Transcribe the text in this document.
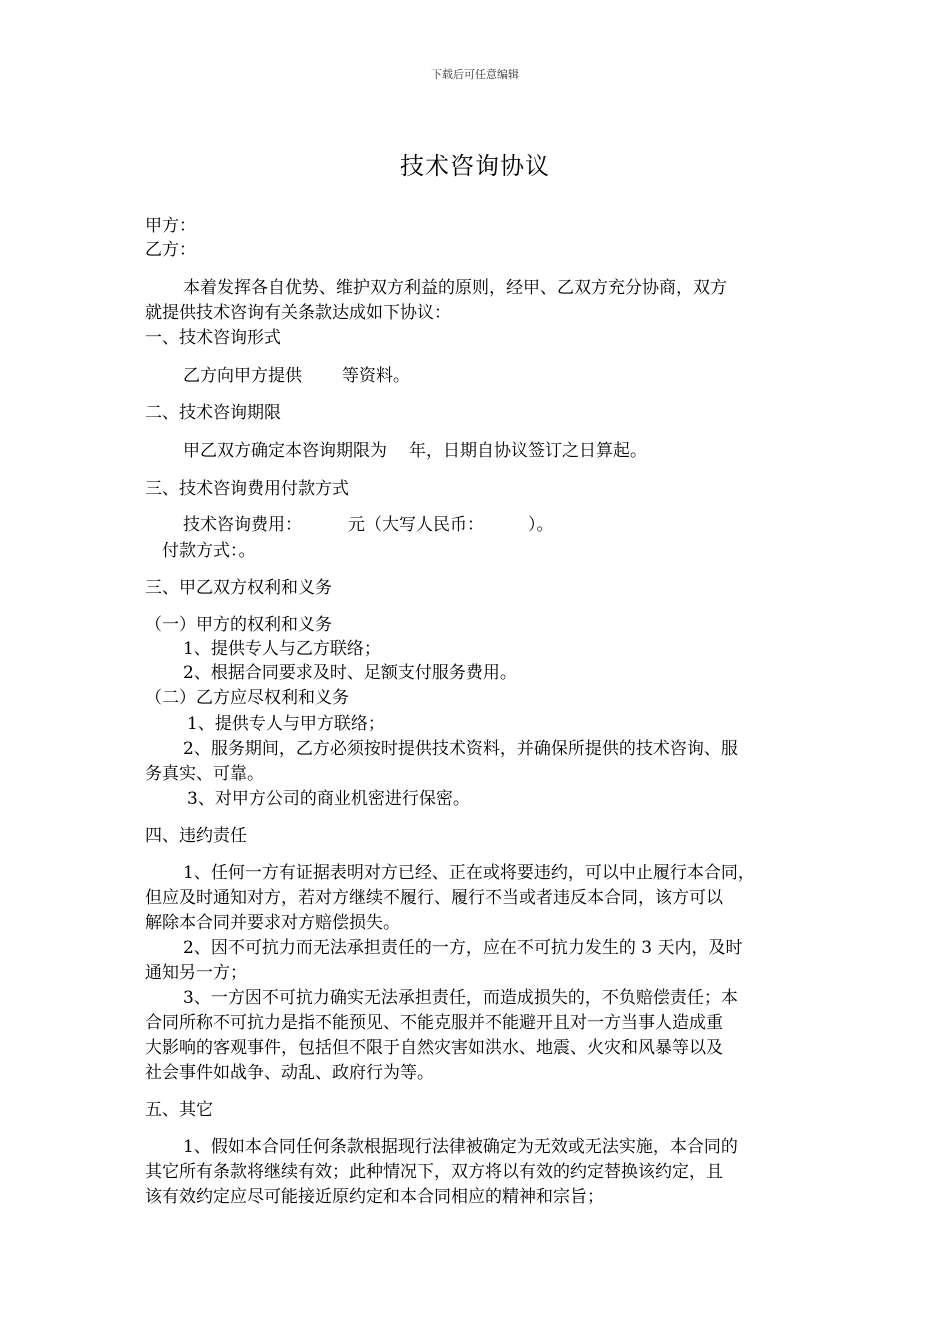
下载后可任意编辑
技术咨询协议

甲方：

乙方：

本着发挥各自优势、维护双方利益的原则，经甲、乙双方充分协商，双方

就提供技术咨询有关条款达成如下协议：

一、技术咨询形式

乙方向甲方提供 等资料。

二、技术咨询期限

甲乙双方确定本咨询期限为 年，日期自协议签订之日算起。

三、技术咨询费用付款方式

技术咨询费用：	元（大写人民币：	）。

付款方式：。

三、甲乙双方权利和义务

（一）甲方的权利和义务

1、提供专人与乙方联络；

2、根据合同要求及时、足额支付服务费用。

（二）乙方应尽权利和义务

1、提供专人与甲方联络；

2、服务期间，乙方必须按时提供技术资料，并确保所提供的技术咨询、服

务真实、可靠。

3、对甲方公司的商业机密进行保密。

四、违约责任

1、任何一方有证据表明对方已经、正在或将要违约，可以中止履行本合同，

但应及时通知对方，若对方继续不履行、履行不当或者违反本合同，该方可以

解除本合同并要求对方赔偿损失。

2、因不可抗力而无法承担责任的一方，应在不可抗力发生的 3 天内，及时

通知另一方；

3、一方因不可抗力确实无法承担责任，而造成损失的，不负赔偿责任；本

合同所称不可抗力是指不能预见、不能克服并不能避开且对一方当事人造成重

大影响的客观事件，包括但不限于自然灾害如洪水、地震、火灾和风暴等以及

社会事件如战争、动乱、政府行为等。

五、其它

1、假如本合同任何条款根据现行法律被确定为无效或无法实施，本合同的

其它所有条款将继续有效；此种情况下，双方将以有效的约定替换该约定，且

该有效约定应尽可能接近原约定和本合同相应的精神和宗旨；
